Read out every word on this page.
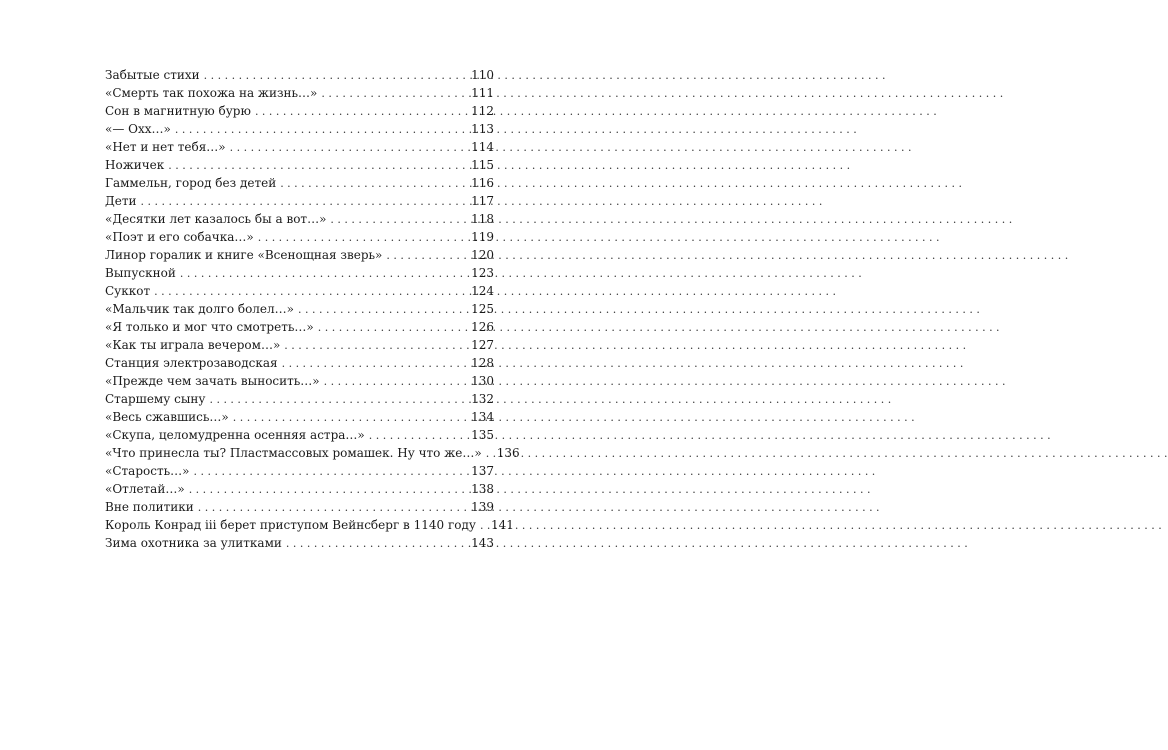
Забытые стихи . . .	110
«Смерть так похожа на жизнь…» . . .	111
Сон в магнитную бурю . . .	112
«— Охх…» . . .	113
«Нет и нет тебя…» . . .	114
Ножичек . . .	115
Гаммельн, город без детей . . .	116
Дети . . .	117
«Десятки лет казалось бы а вот…» . . .	118
«Поэт и его собачка…» . . .	119
Линор горалик и книге «Всенощная зверь» . . .	120
Выпускной . . .	123
Суккот . . .	124
«Мальчик так долго болел…» . . .	125
«Я только и мог что смотреть…» . . .	126
«Как ты играла вечером…» . . .	127
Станция электрозаводская . . .	128
«Прежде чем зачать выносить…» . . .	130
Старшему сыну . . .	132
«Весь сжавшись…» . . .	134
«Скупа, целомудренна осенняя астра…» . . .	135
«Что принесла ты? Пластмассовых ромашек. Ну что же…» . . . 136
«Старость…» . . .	137
«Отлетай…» . . .	138
Вне политики . . .	139
Король Конрад iii берет приступом Вейнсберг в 1140 году . . . 141
Зима охотника за улитками . . .	143
